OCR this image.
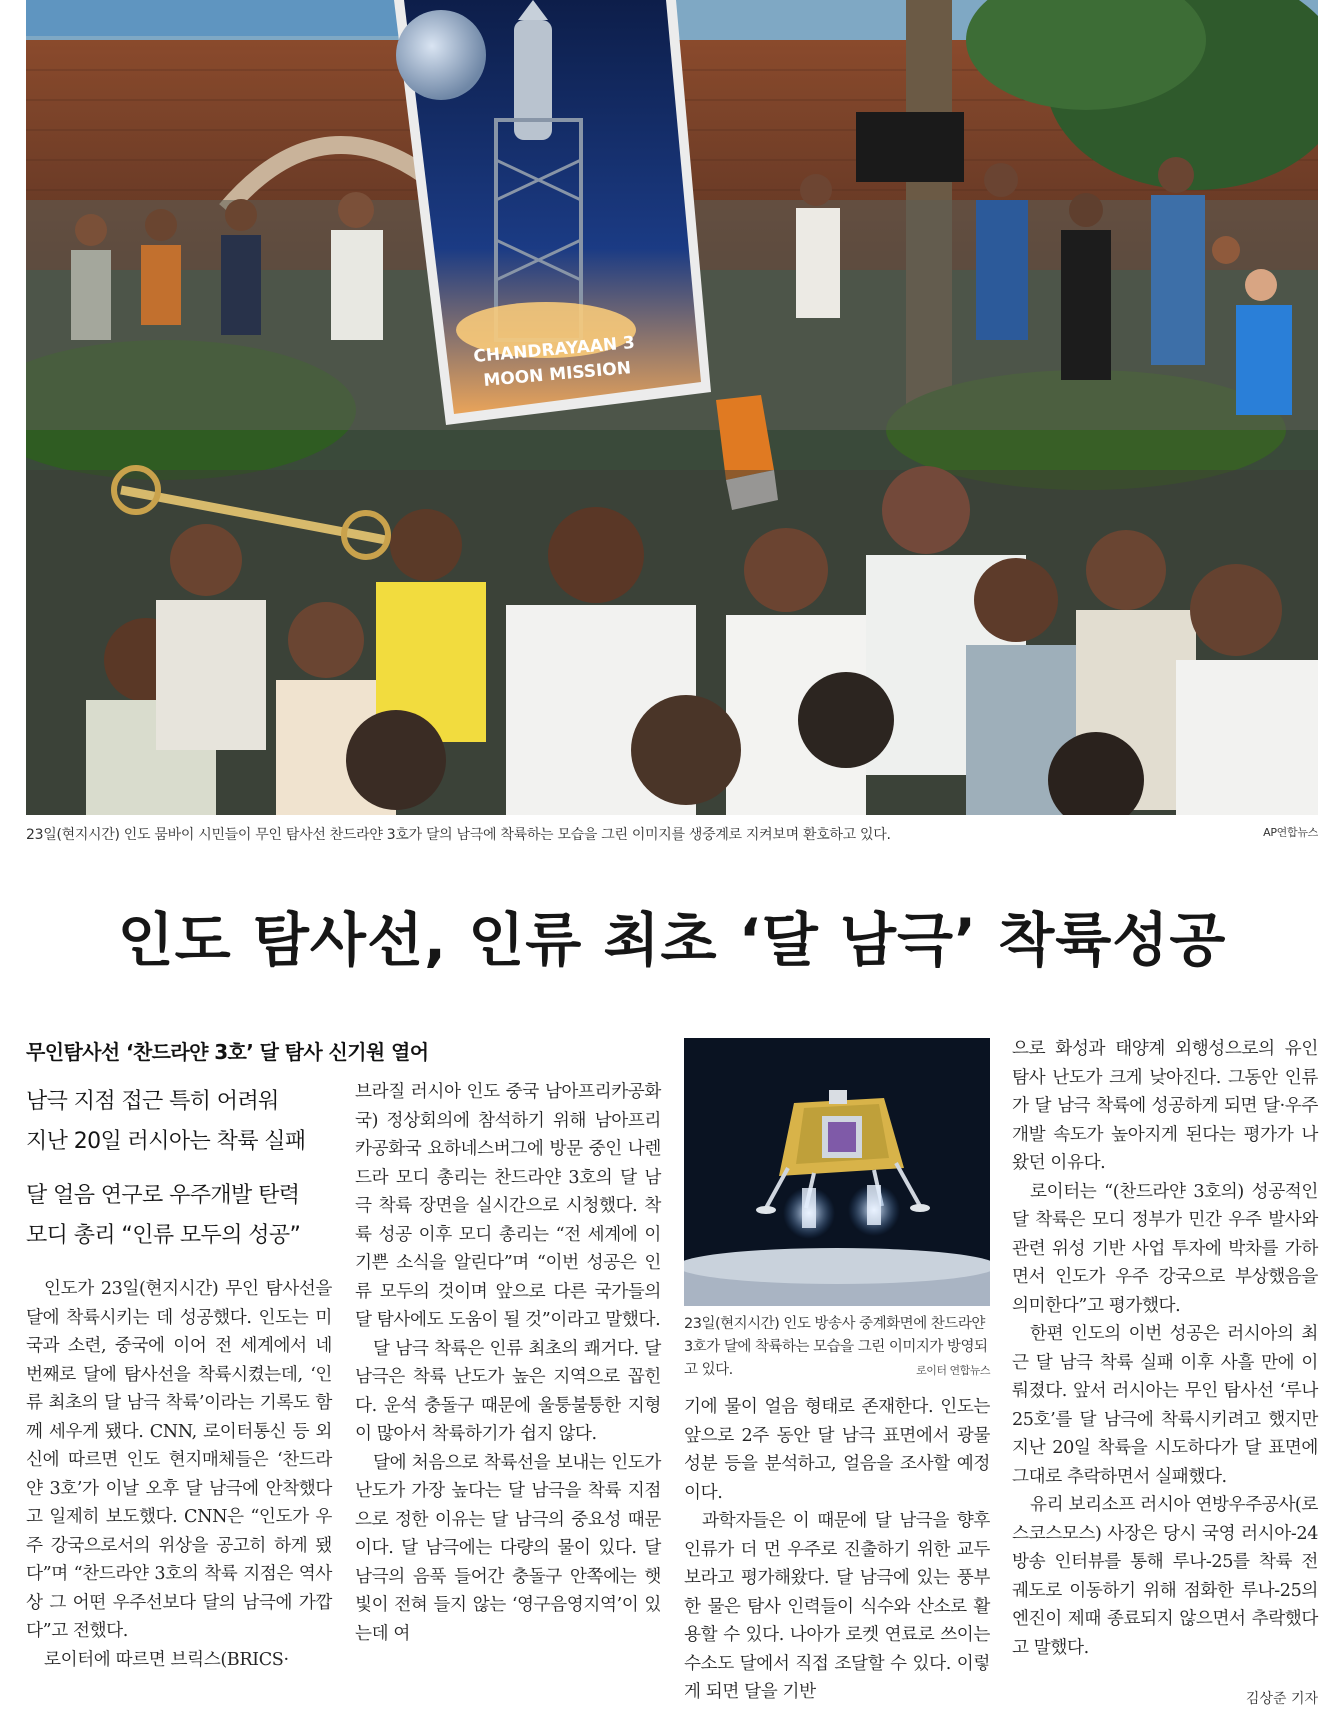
CHANDRAYAAN 3
MOON MISSION
23일(현지시간) 인도 뭄바이 시민들이 무인 탐사선 찬드라얀 3호가 달의 남극에 착륙하는 모습을 그린 이미지를 생중계로 지켜보며 환호하고 있다.	AP연합뉴스
인도 탐사선, 인류 최초 ‘달 남극’ 착륙성공
무인탐사선 ‘찬드라얀 3호’ 달 탐사 신기원 열어
남극 지점 접근 특히 어려워
지난 20일 러시아는 착륙 실패
달 얼음 연구로 우주개발 탄력
모디 총리 “인류 모두의 성공”

인도가 23일(현지시간) 무인 탐사선을 달에 착륙시키는 데 성공했다. 인도는 미국과 소련, 중국에 이어 전 세계에서 네 번째로 달에 탐사선을 착륙시켰는데, ‘인류 최초의 달 남극 착륙’이라는 기록도 함께 세우게 됐다. CNN, 로이터통신 등 외신에 따르면 인도 현지매체들은 ‘찬드라얀 3호’가 이날 오후 달 남극에 안착했다고 일제히 보도했다. CNN은 “인도가 우주 강국으로서의 위상을 공고히 하게 됐다”며 “찬드라얀 3호의 착륙 지점은 역사상 그 어떤 우주선보다 달의 남극에 가깝다”고 전했다.

로이터에 따르면 브릭스(BRICS·

브라질 러시아 인도 중국 남아프리카공화국) 정상회의에 참석하기 위해 남아프리카공화국 요하네스버그에 방문 중인 나렌드라 모디 총리는 찬드라얀 3호의 달 남극 착륙 장면을 실시간으로 시청했다. 착륙 성공 이후 모디 총리는 “전 세계에 이 기쁜 소식을 알린다”며 “이번 성공은 인류 모두의 것이며 앞으로 다른 국가들의 달 탐사에도 도움이 될 것”이라고 말했다.

달 남극 착륙은 인류 최초의 쾌거다. 달 남극은 착륙 난도가 높은 지역으로 꼽힌다. 운석 충돌구 때문에 울퉁불퉁한 지형이 많아서 착륙하기가 쉽지 않다.

달에 처음으로 착륙선을 보내는 인도가 난도가 가장 높다는 달 남극을 착륙 지점으로 정한 이유는 달 남극의 중요성 때문이다. 달 남극에는 다량의 물이 있다. 달 남극의 음푹 들어간 충돌구 안쪽에는 햇빛이 전혀 들지 않는 ‘영구음영지역’이 있는데 여

23일(현지시간) 인도 방송사 중계화면에 찬드라얀 3호가 달에 착륙하는 모습을 그린 이미지가 방영되고 있다.	로이터 연합뉴스

기에 물이 얼음 형태로 존재한다. 인도는 앞으로 2주 동안 달 남극 표면에서 광물 성분 등을 분석하고, 얼음을 조사할 예정이다.

과학자들은 이 때문에 달 남극을 향후 인류가 더 먼 우주로 진출하기 위한 교두보라고 평가해왔다. 달 남극에 있는 풍부한 물은 탐사 인력들이 식수와 산소로 활용할 수 있다. 나아가 로켓 연료로 쓰이는 수소도 달에서 직접 조달할 수 있다. 이렇게 되면 달을 기반

으로 화성과 태양계 외행성으로의 유인 탐사 난도가 크게 낮아진다. 그동안 인류가 달 남극 착륙에 성공하게 되면 달·우주 개발 속도가 높아지게 된다는 평가가 나왔던 이유다.

로이터는 “(찬드라얀 3호의) 성공적인 달 착륙은 모디 정부가 민간 우주 발사와 관련 위성 기반 사업 투자에 박차를 가하면서 인도가 우주 강국으로 부상했음을 의미한다”고 평가했다.

한편 인도의 이번 성공은 러시아의 최근 달 남극 착륙 실패 이후 사흘 만에 이뤄졌다. 앞서 러시아는 무인 탐사선 ‘루나 25호’를 달 남극에 착륙시키려고 했지만 지난 20일 착륙을 시도하다가 달 표면에 그대로 추락하면서 실패했다.

유리 보리소프 러시아 연방우주공사(로스코스모스) 사장은 당시 국영 러시아-24 방송 인터뷰를 통해 루나-25를 착륙 전 궤도로 이동하기 위해 점화한 루나-25의 엔진이 제때 종료되지 않으면서 추락했다고 말했다.

김상준 기자
